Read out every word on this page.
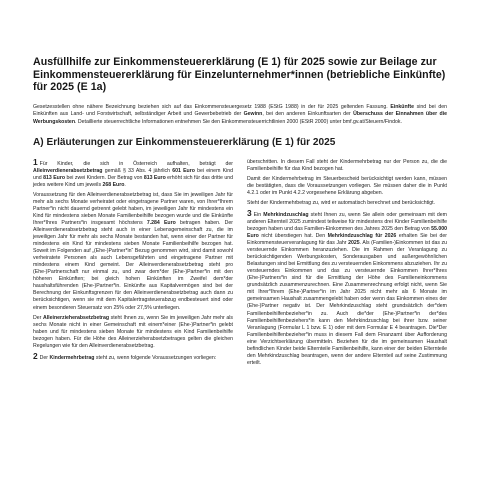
Ausfüllhilfe zur Einkommensteuererklärung (E 1) für 2025 sowie zur Beilage zur Einkommensteuererklärung für Einzelunternehmer*innen (betriebliche Einkünfte) für 2025 (E 1a)
Gesetzesstellen ohne nähere Bezeichnung beziehen sich auf das Einkommensteuergesetz 1988 (EStG 1988) in der für 2025 geltenden Fassung. Einkünfte sind bei den Einkünften aus Land- und Forstwirtschaft, selbständiger Arbeit und Gewerbebetrieb der Gewinn, bei den anderen Einkunftsarten der Überschuss der Einnahmen über die Werbungskosten. Detaillierte steuerrechtliche Informationen entnehmen Sie den Einkommensteuerrichtlinien 2000 (EStR 2000) unter bmf.gv.at/Steuern/Findok.
A) Erläuterungen zur Einkommensteuererklärung (E 1) für 2025

1 Für Kinder, die sich in Österreich aufhalten, beträgt der Alleinverdienerabsetzbetrag gemäß § 33 Abs. 4 jährlich 601 Euro bei einem Kind und 813 Euro bei zwei Kindern. Der Betrag von 813 Euro erhöht sich für das dritte und jedes weitere Kind um jeweils 268 Euro.

Voraussetzung für den Alleinverdienerabsetzbetrag ist, dass Sie im jeweiligen Jahr für mehr als sechs Monate verheiratet oder eingetragene Partner waren, von Ihrer*Ihrem Partner*in nicht dauernd getrennt gelebt haben, im jeweiligen Jahr für mindestens ein Kind für mindestens sieben Monate Familienbeihilfe bezogen wurde und die Einkünfte Ihrer*Ihres Partners*in insgesamt höchstens 7.284 Euro betragen haben. Der Alleinverdienerabsetzbetrag steht auch in einer Lebensgemeinschaft zu, die im jeweiligen Jahr für mehr als sechs Monate bestanden hat, wenn einer der Partner für mindestens ein Kind für mindestens sieben Monate Familienbeihilfe bezogen hat. Soweit im Folgenden auf „(Ehe-)Partner*in“ Bezug genommen wird, sind damit sowohl verheiratete Personen als auch Lebensgefährten und eingetragene Partner mit mindestens einem Kind gemeint. Der Alleinverdienerabsetzbetrag steht pro (Ehe-)Partnerschaft nur einmal zu, und zwar dem*der (Ehe-)Partner*in mit den höheren Einkünften; bei gleich hohen Einkünften im Zweifel dem*der haushaltsführenden (Ehe-)Partner*in. Einkünfte aus Kapitalvermögen sind bei der Berechnung der Einkunftsgrenzen für den Alleinverdienerabsetzbetrag auch dann zu berücksichtigen, wenn sie mit dem Kapitalertragsteuerabzug endbesteuert sind oder einem besonderen Steuersatz von 25% oder 27,5% unterliegen.

Der Alleinerzieherabsetzbetrag steht Ihnen zu, wenn Sie im jeweiligen Jahr mehr als sechs Monate nicht in einer Gemeinschaft mit einem*einer (Ehe-)Partner*in gelebt haben und für mindestens sieben Monate für mindestens ein Kind Familienbeihilfe bezogen haben. Für die Höhe des Alleinerzieherabsetzbetrages gelten die gleichen Regelungen wie für den Alleinverdienerabsetzbetrag.

2 Der Kindermehrbetrag steht zu, wenn folgende Voraussetzungen vorliegen:

überschritten. In diesem Fall steht der Kindermehrbetrag nur der Person zu, die die Familienbeihilfe für das Kind bezogen hat.

Damit der Kindermehrbetrag im Steuerbescheid berücksichtigt werden kann, müssen die bestätigten, dass die Voraussetzungen vorliegen. Sie müssen daher die in Punkt 4.2.1 oder im Punkt 4.2.2 vorgesehene Erklärung abgeben.

Steht der Kindermehrbetrag zu, wird er automatisch berechnet und berücksichtigt.

3 Ein Mehrkindzuschlag steht Ihnen zu, wenn Sie allein oder gemeinsam mit dem anderen Elternteil 2025 zumindest teilweise für mindestens drei Kinder Familienbeihilfe bezogen haben und das Familien-Einkommen des Jahres 2025 den Betrag von 55.000 Euro nicht überstiegen hat. Den Mehrkindzuschlag für 2026 erhalten Sie bei der Einkommensteuerveranlagung für das Jahr 2025. Als (Familien-)Einkommen ist das zu versteuernde Einkommen heranzuziehen. Die im Rahmen der Veranlagung zu berücksichtigenden Werbungskosten, Sonderausgaben und außergewöhnlichen Belastungen sind bei Ermittlung des zu versteuernden Einkommens abzuziehen. Ihr zu versteuerndes Einkommen und das zu versteuernde Einkommen Ihrer*Ihres (Ehe-)Partners*in sind für die Ermittlung der Höhe des Familieneinkommens grundsätzlich zusammenzurechnen. Eine Zusammenrechnung erfolgt nicht, wenn Sie mit Ihrer*Ihrem (Ehe-)Partner*in im Jahr 2025 nicht mehr als 6 Monate im gemeinsamen Haushalt zusammengelebt haben oder wenn das Einkommen eines der (Ehe-)Partner negativ ist. Der Mehrkindzuschlag steht grundsätzlich der*dem Familienbeihilfenbezieher*in zu. Auch die*der (Ehe-)Partner*in der*des Familienbeihilfenbeziehers*in kann den Mehrkindzuschlag bei ihrer bzw. seiner Veranlagung (Formular L 1 bzw. E 1) oder mit dem Formular E 4 beantragen. Die*Der Familienbeihilfenbezieher*in muss in diesem Fall dem Finanzamt über Aufforderung eine Verzichtserklärung übermitteln. Beziehen für die im gemeinsamen Haushalt befindlichen Kinder beide Elternteile Familienbeihilfe, kann einer der beiden Elternteile den Mehrkindzuschlag beantragen, wenn der andere Elternteil auf seine Zustimmung erteilt.
